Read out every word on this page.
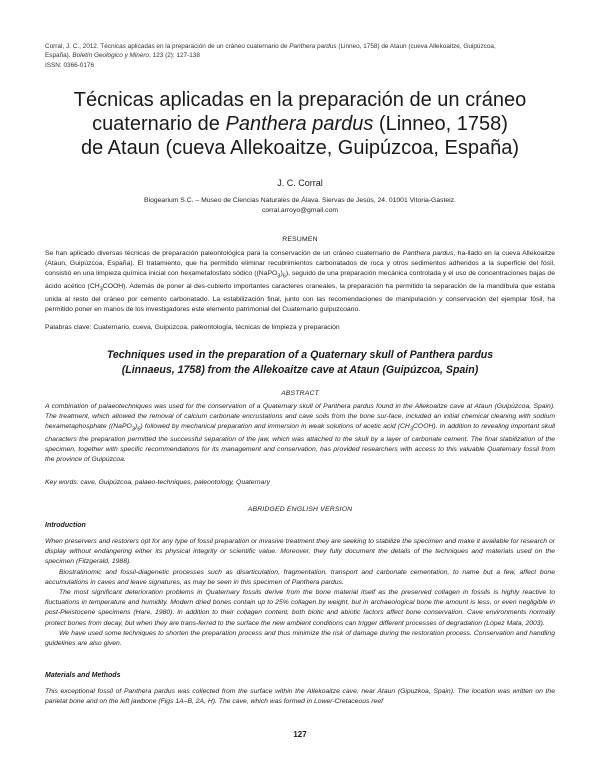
Corral, J. C., 2012. Técnicas aplicadas en la preparación de un cráneo cuaternario de Panthera pardus (Linneo, 1758) de Ataun (cueva Allekoaitze, Guipúzcoa,
España). Boletín Geológico y Minero, 123 (2): 127-138
ISSN: 0366-0176
Técnicas aplicadas en la preparación de un cráneo
cuaternario de Panthera pardus (Linneo, 1758)
de Ataun (cueva Allekoaitze, Guipúzcoa, España)
J. C. Corral
Biogearium S.C. – Museo de Ciencias Naturales de Álava. Siervas de Jesús, 24. 01001 Vitoria-Gasteiz.
corral.arroyo@gmail.com
RESUMEN
Se han aplicado diversas técnicas de preparación paleontológica para la conservación de un cráneo cuaternario de Panthera pardus, ha-llado en la cueva Allekoaitze (Ataun, Guipúzcoa, España). El tratamiento, que ha permitido eliminar recubrimientos carbonatados de roca y otros sedimentos adheridos a la superficie del fósil, consistió en una limpieza química inicial con hexametafosfato sódico $((NaPO_3)_6)$, seguido de una preparación mecánica controlada y el uso de concentraciones bajas de ácido acético $(CH_3COOH)$. Además de poner al des-cubierto importantes caracteres craneales, la preparación ha permitido la separación de la mandíbula que estaba unida al resto del cráneo por cemento carbonatado. La estabilización final, junto con las recomendaciones de manipulación y conservación del ejemplar fósil, ha permitido poner en manos de los investigadores este elemento patrimonial del Cuaternario guipuzcoano.
Palabras clave: Cuaternario, cueva, Guipúzcoa, paleontología, técnicas de limpieza y preparación
Techniques used in the preparation of a Quaternary skull of Panthera pardus
(Linnaeus, 1758) from the Allekoaitze cave at Ataun (Guipúzcoa, Spain)
ABSTRACT
A combination of palaeotechniques was used for the conservation of a Quaternary skull of Panthera pardus found in the Allekoaitze cave at Ataun (Guipúzcoa, Spain). The treatment, which allowed the removal of calcium carbonate encrustations and cave soils from the bone sur-face, included an initial chemical cleaning with sodium hexametaphosphate $((NaPO_3)_6)$ followed by mechanical preparation and immersion in weak solutions of acetic acid $(CH_3COOH)$. In addition to revealing important skull characters the preparation permitted the successful separation of the jaw, which was attached to the skull by a layer of carbonate cement. The final stabilization of the specimen, together with specific recommendations for its management and conservation, has provided researchers with access to this valuable Quaternary fossil from the province of Guipúzcoa.
Key words: cave, Guipúzcoa, palaeo-techniques, paleontology, Quaternary
ABRIDGED ENGLISH VERSION
Introduction

When preservers and restorers opt for any type of fossil preparation or invasive treatment they are seeking to stabilize the specimen and make it available for research or display without endangering either its physical integrity or scientific value. Moreover, they fully document the details of the techniques and materials used on the specimen (Fitzgerald, 1988).

Biostratinomic and fossil-diagenetic processes such as disarticulation, fragmentation, transport and carbonate cementation, to name but a few, affect bone accumulations in caves and leave signatures, as may be seen in this specimen of Panthera pardus.

The most significant deterioration problems in Quaternary fossils derive from the bone material itself as the preserved collagen in fossils is highly reactive to fluctuations in temperature and humidity. Modern dried bones contain up to 25% collagen by weight, but in archaeological bone the amount is less, or even negligible in post-Pleistocene specimens (Hare, 1980). In addition to their collagen content, both biotic and abiotic factors affect bone conservation. Cave environments normally protect bones from decay, but when they are trans-ferred to the surface the new ambient conditions can trigger different processes of degradation (López Mata, 2003).

We have used some techniques to shorten the preparation process and thus minimize the risk of damage during the restoration process. Conservation and handling guidelines are also given.

Materials and Methods
This exceptional fossil of Panthera pardus was collected from the surface within the Allekoaitze cave, near Ataun (Gipuzkoa, Spain). The location was written on the parietal bone and on the left jawbone (Figs 1A–B, 2A, H). The cave, which was formed in Lower-Cretaceous reef
127
